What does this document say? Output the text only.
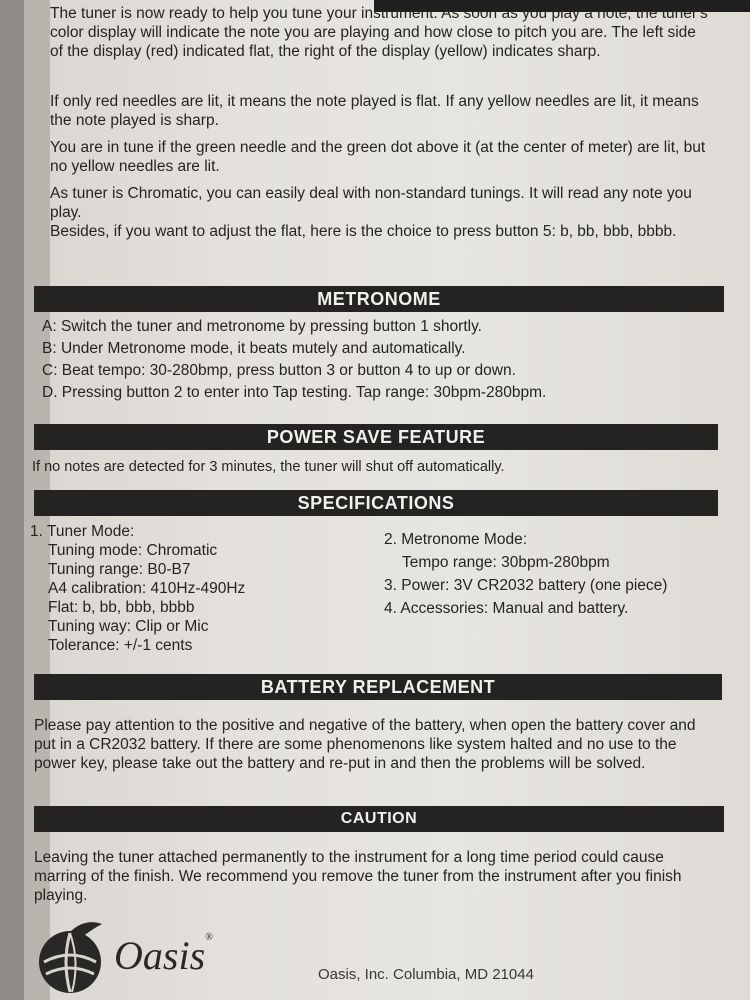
The tuner is now ready to help you tune your instrument. As soon as you play a note, the tuner's color display will indicate the note you are playing and how close to pitch you are. The left side of the display (red) indicated flat, the right of the display (yellow) indicates sharp.

If only red needles are lit, it means the note played is flat. If any yellow needles are lit, it means the note played is sharp.

You are in tune if the green needle and the green dot above it (at the center of meter) are lit, but no yellow needles are lit.

As tuner is Chromatic, you can easily deal with non-standard tunings. It will read any note you play.

Besides, if you want to adjust the flat, here is the choice to press button 5: b, bb, bbb, bbbb.

METRONOME
A: Switch the tuner and metronome by pressing button 1 shortly.
B: Under Metronome mode, it beats mutely and automatically.
C: Beat tempo: 30-280bmp, press button 3 or button 4 to up or down.
D. Pressing button 2 to enter into Tap testing. Tap range: 30bpm-280bpm.
POWER SAVE FEATURE

If no notes are detected for 3 minutes, the tuner will shut off automatically.

SPECIFICATIONS
1. Tuner Mode:
Tuning mode: Chromatic
Tuning range: B0-B7
A4 calibration: 410Hz-490Hz
Flat: b, bb, bbb, bbbb
Tuning way: Clip or Mic
Tolerance: +/-1 cents
2. Metronome Mode:
Tempo range: 30bpm-280bpm
3. Power: 3V CR2032 battery (one piece)
4. Accessories: Manual and battery.
BATTERY REPLACEMENT

Please pay attention to the positive and negative of the battery, when open the battery cover and put in a CR2032 battery. If there are some phenomenons like system halted and no use to the power key, please take out the battery and re-put in and then the problems will be solved.

CAUTION

Leaving the tuner attached permanently to the instrument for a long time period could cause marring of the finish. We recommend you remove the tuner from the instrument after you finish playing.

Oasis®
Oasis, Inc. Columbia, MD 21044
